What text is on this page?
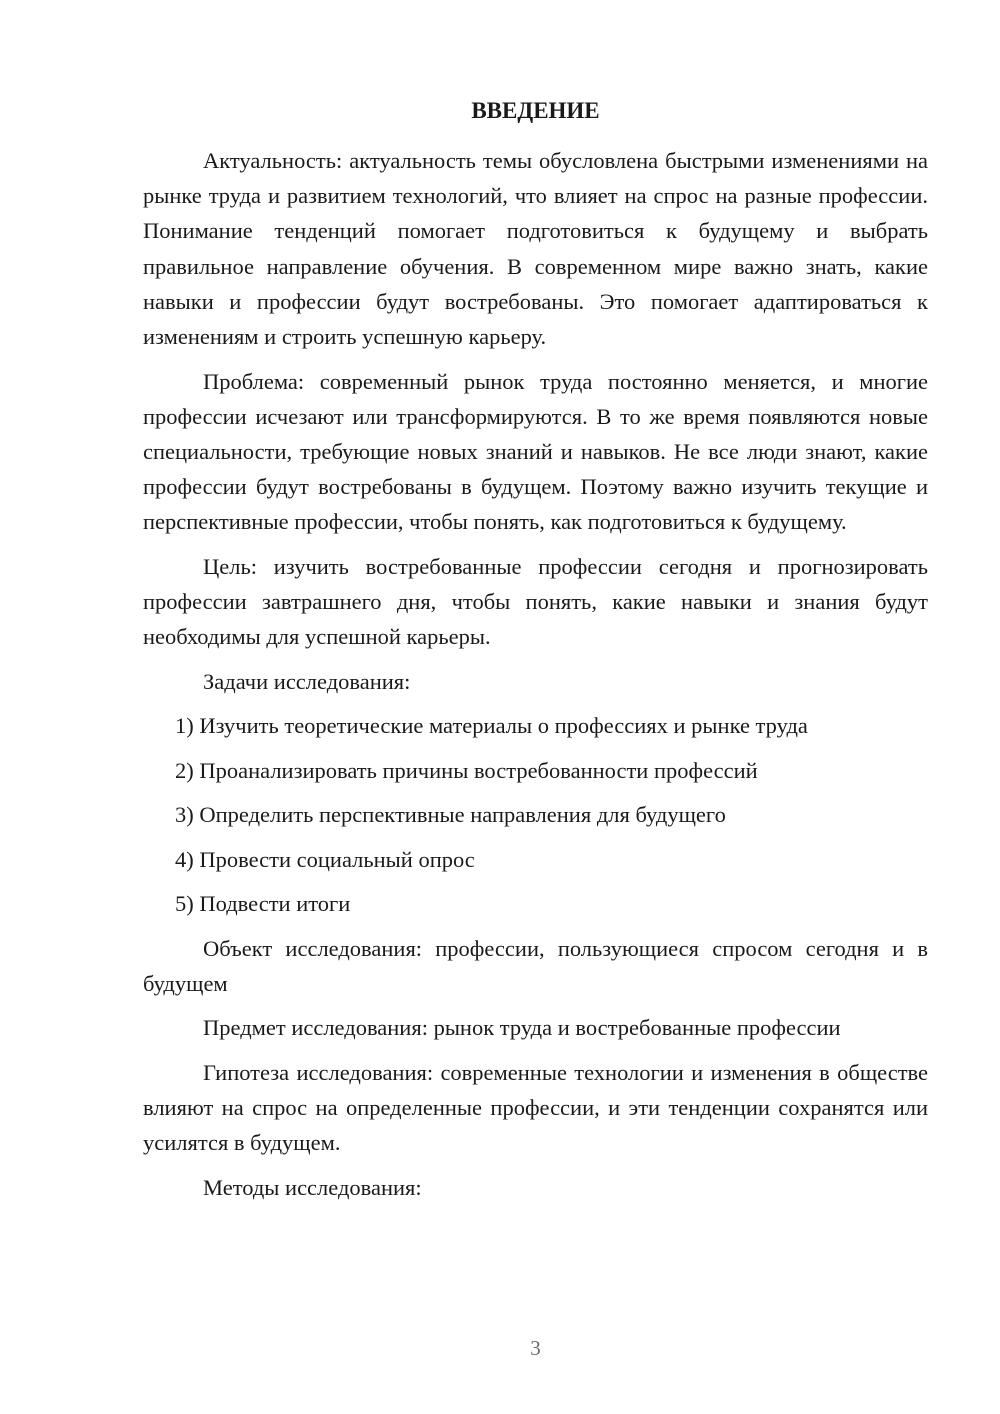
ВВЕДЕНИЕ

Актуальность: актуальность темы обусловлена быстрыми изменениями на рынке труда и развитием технологий, что влияет на спрос на разные профессии. Понимание тенденций помогает подготовиться к будущему и выбрать правильное направление обучения. В современном мире важно знать, какие навыки и профессии будут востребованы. Это помогает адаптироваться к изменениям и строить успешную карьеру.

Проблема: современный рынок труда постоянно меняется, и многие профессии исчезают или трансформируются. В то же время появляются новые специальности, требующие новых знаний и навыков. Не все люди знают, какие профессии будут востребованы в будущем. Поэтому важно изучить текущие и перспективные профессии, чтобы понять, как подготовиться к будущему.

Цель: изучить востребованные профессии сегодня и прогнозировать профессии завтрашнего дня, чтобы понять, какие навыки и знания будут необходимы для успешной карьеры.

Задачи исследования:

1) Изучить теоретические материалы о профессиях и рынке труда

2) Проанализировать причины востребованности профессий

3) Определить перспективные направления для будущего

4) Провести социальный опрос

5) Подвести итоги

Объект исследования: профессии, пользующиеся спросом сегодня и в будущем

Предмет исследования: рынок труда и востребованные профессии

Гипотеза исследования: современные технологии и изменения в обществе влияют на спрос на определенные профессии, и эти тенденции сохранятся или усилятся в будущем.

Методы исследования:

3
